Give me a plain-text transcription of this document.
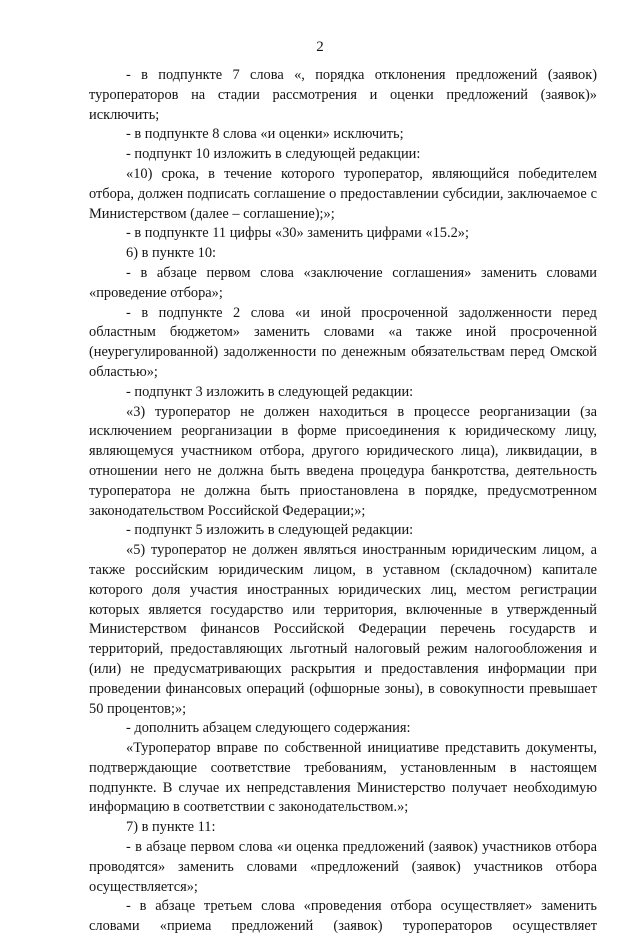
2

- в подпункте 7 слова «, порядка отклонения предложений (заявок) туроператоров на стадии рассмотрения и оценки предложений (заявок)» исключить;

- в подпункте 8 слова «и оценки» исключить;

- подпункт 10 изложить в следующей редакции:

«10) срока, в течение которого туроператор, являющийся победителем отбора, должен подписать соглашение о предоставлении субсидии, заключаемое с Министерством (далее – соглашение);»;

- в подпункте 11 цифры «30» заменить цифрами «15.2»;

6) в пункте 10:

- в абзаце первом слова «заключение соглашения» заменить словами «проведение отбора»;

- в подпункте 2 слова «и иной просроченной задолженности перед областным бюджетом» заменить словами «а также иной просроченной (неурегулированной) задолженности по денежным обязательствам перед Омской областью»;

- подпункт 3 изложить в следующей редакции:

«3) туроператор не должен находиться в процессе реорганизации (за исключением реорганизации в форме присоединения к юридическому лицу, являющемуся участником отбора, другого юридического лица), ликвидации, в отношении него не должна быть введена процедура банкротства, деятельность туроператора не должна быть приостановлена в порядке, предусмотренном законодательством Российской Федерации;»;

- подпункт 5 изложить в следующей редакции:

«5) туроператор не должен являться иностранным юридическим лицом, а также российским юридическим лицом, в уставном (складочном) капитале которого доля участия иностранных юридических лиц, местом регистрации которых является государство или территория, включенные в утвержденный Министерством финансов Российской Федерации перечень государств и территорий, предоставляющих льготный налоговый режим налогообложения и (или) не предусматривающих раскрытия и предоставления информации при проведении финансовых операций (офшорные зоны), в совокупности превышает 50 процентов;»;

- дополнить абзацем следующего содержания:

«Туроператор вправе по собственной инициативе представить документы, подтверждающие соответствие требованиям, установленным в настоящем подпункте. В случае их непредставления Министерство получает необходимую информацию в соответствии с законодательством.»;

7) в пункте 11:

- в абзаце первом слова «и оценка предложений (заявок) участников отбора проводятся» заменить словами «предложений (заявок) участников отбора осуществляется»;

- в абзаце третьем слова «проведения отбора осуществляет» заменить словами «приема предложений (заявок) туроператоров осуществляет
